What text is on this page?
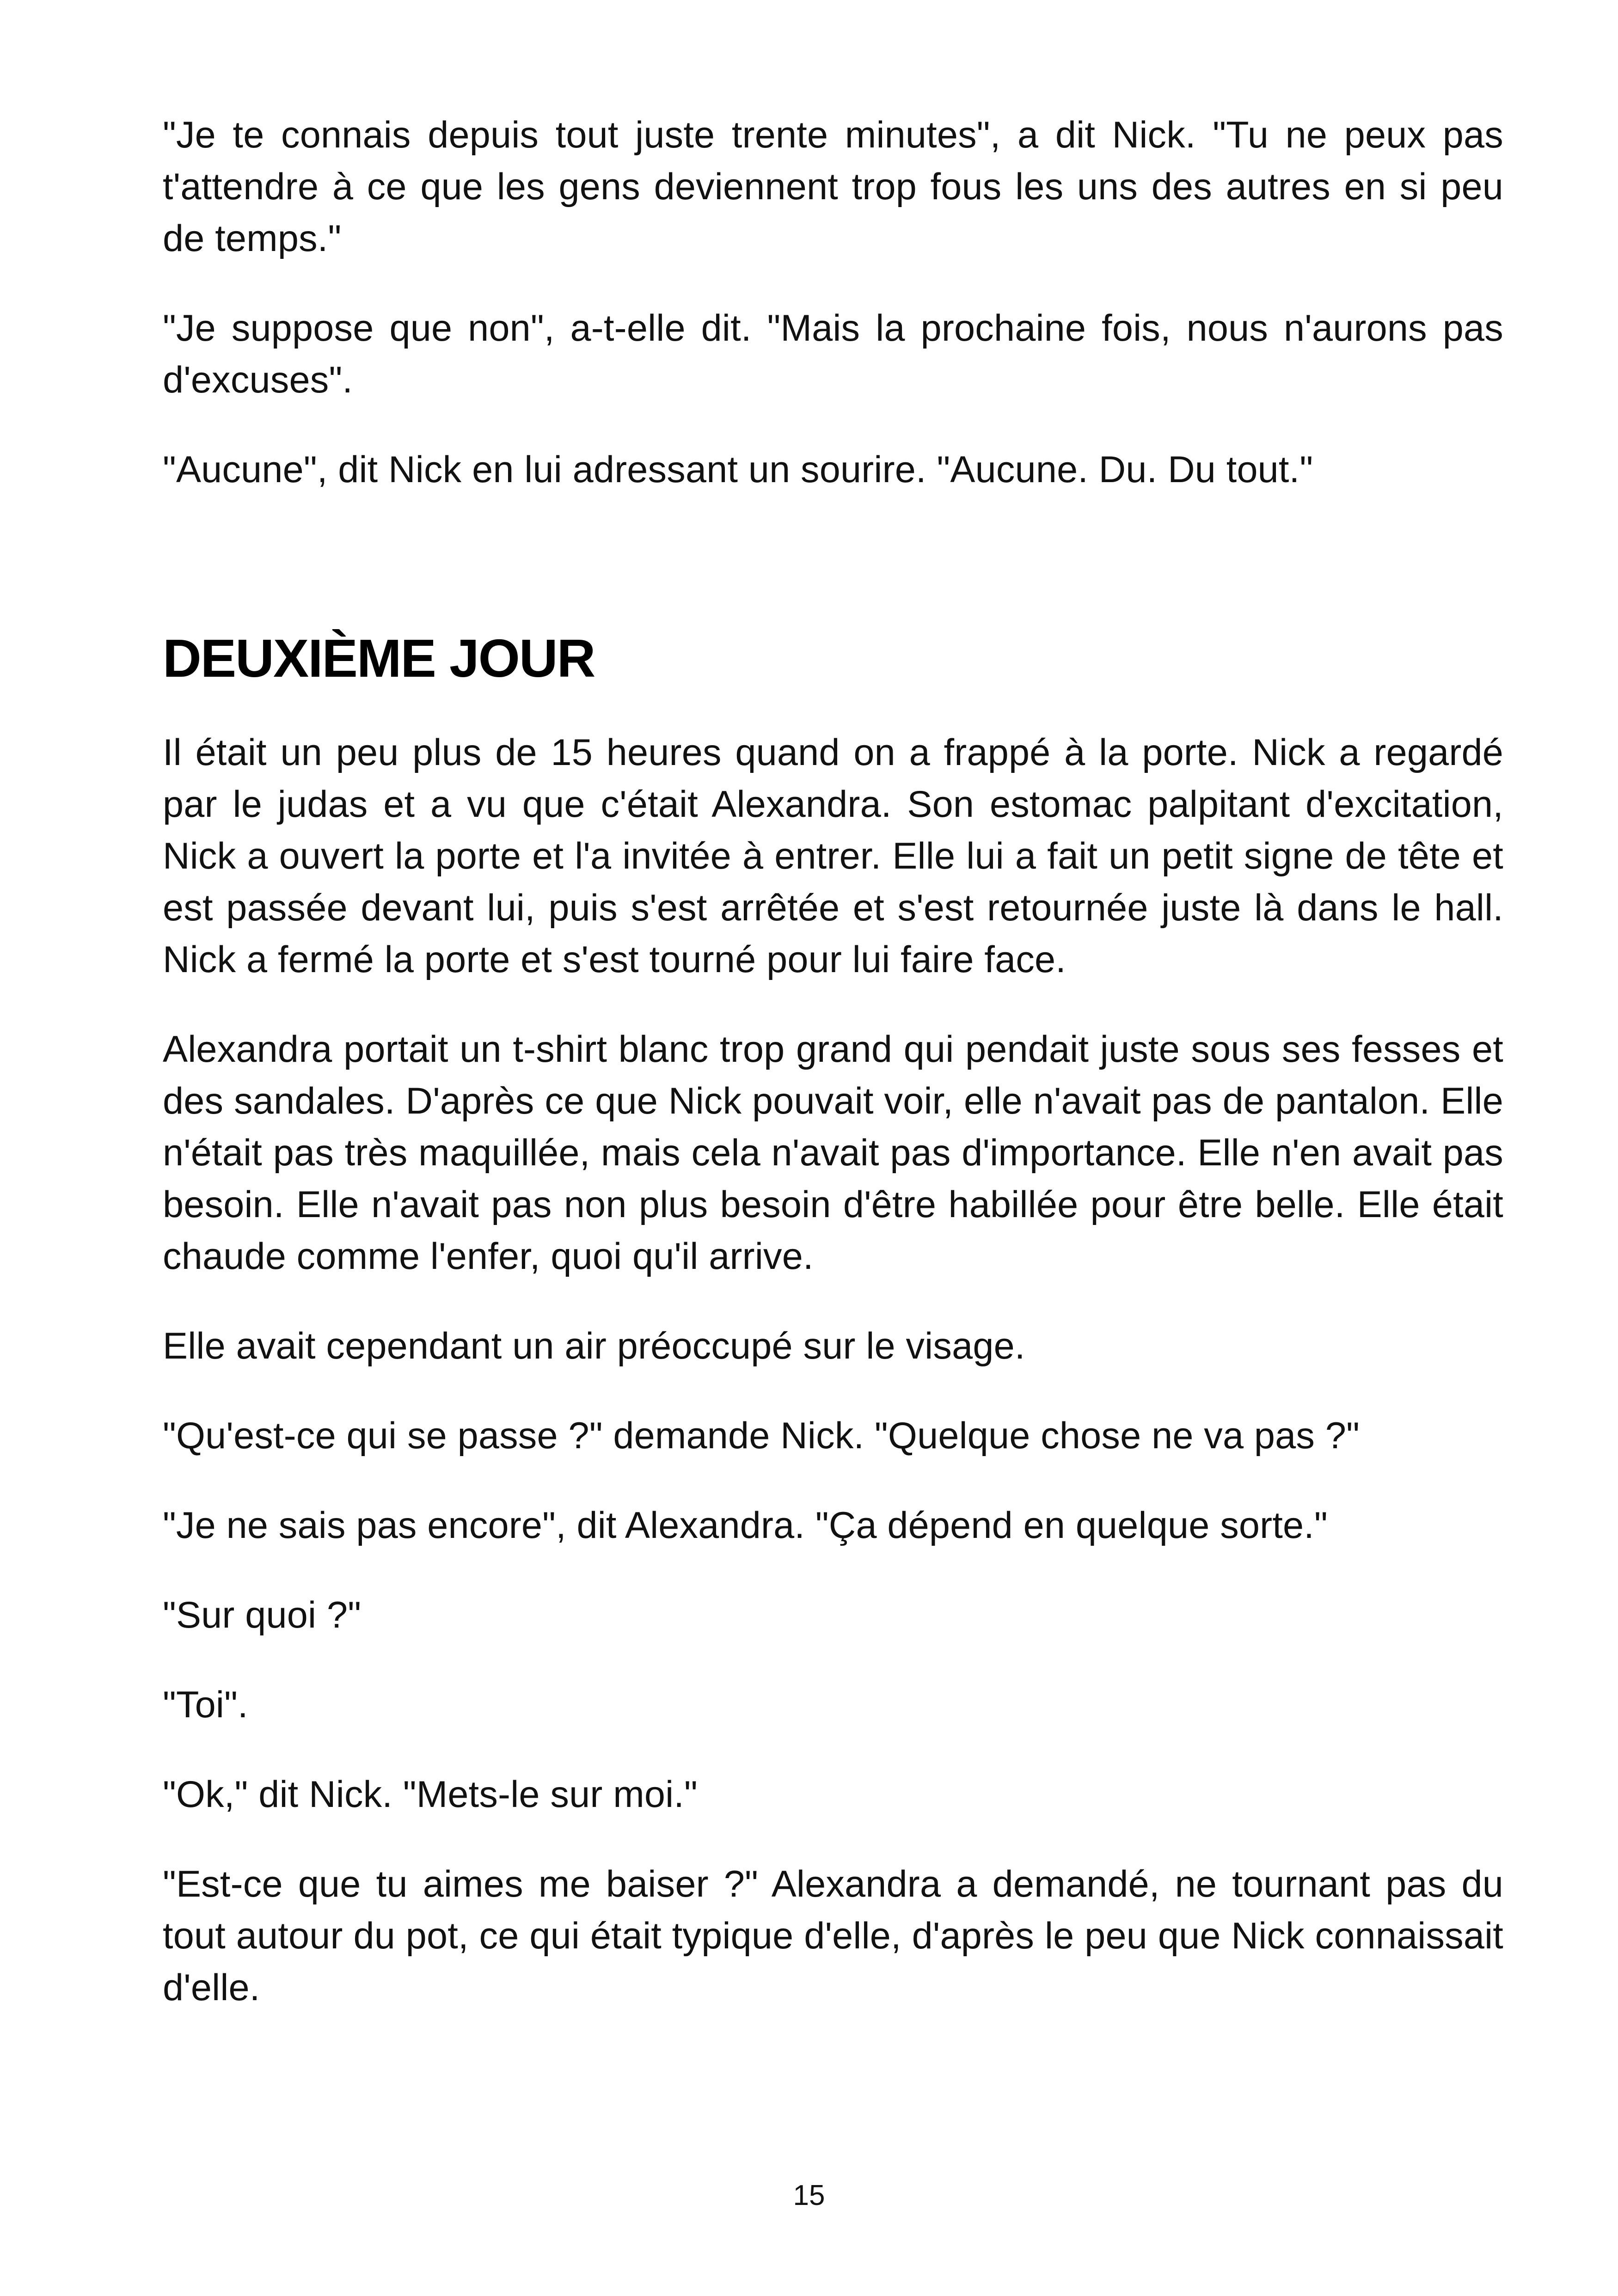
"Je te connais depuis tout juste trente minutes", a dit Nick. "Tu ne peux pas t'attendre à ce que les gens deviennent trop fous les uns des autres en si peu de temps."

"Je suppose que non", a-t-elle dit. "Mais la prochaine fois, nous n'aurons pas d'excuses".

"Aucune", dit Nick en lui adressant un sourire. "Aucune. Du. Du tout."

DEUXIÈME JOUR

Il était un peu plus de 15 heures quand on a frappé à la porte. Nick a regardé par le judas et a vu que c'était Alexandra. Son estomac palpitant d'excitation, Nick a ouvert la porte et l'a invitée à entrer. Elle lui a fait un petit signe de tête et est passée devant lui, puis s'est arrêtée et s'est retournée juste là dans le hall. Nick a fermé la porte et s'est tourné pour lui faire face.

Alexandra portait un t-shirt blanc trop grand qui pendait juste sous ses fesses et des sandales. D'après ce que Nick pouvait voir, elle n'avait pas de pantalon. Elle n'était pas très maquillée, mais cela n'avait pas d'importance. Elle n'en avait pas besoin. Elle n'avait pas non plus besoin d'être habillée pour être belle. Elle était chaude comme l'enfer, quoi qu'il arrive.

Elle avait cependant un air préoccupé sur le visage.

"Qu'est-ce qui se passe ?" demande Nick. "Quelque chose ne va pas ?"

"Je ne sais pas encore", dit Alexandra. "Ça dépend en quelque sorte."

"Sur quoi ?"

"Toi".

"Ok," dit Nick. "Mets-le sur moi."

"Est-ce que tu aimes me baiser ?" Alexandra a demandé, ne tournant pas du tout autour du pot, ce qui était typique d'elle, d'après le peu que Nick connaissait d'elle.

15
